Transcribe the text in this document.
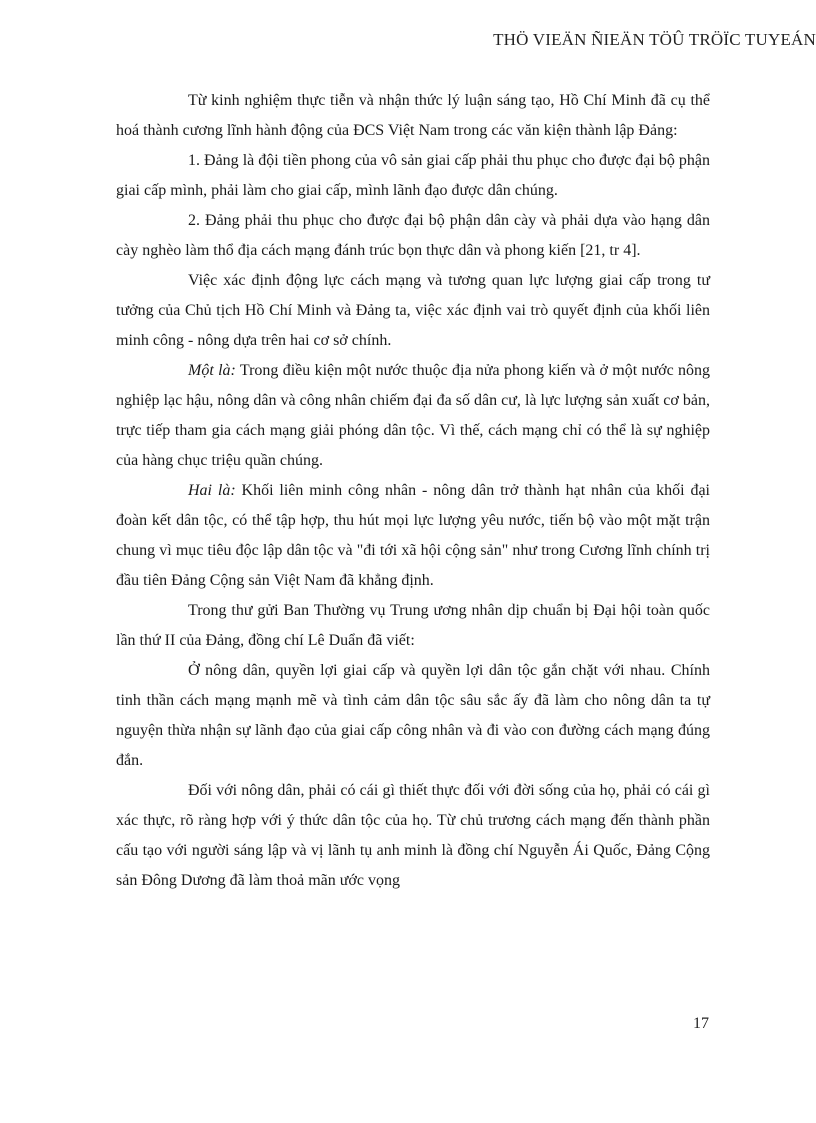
THÖ VIEÄN ÑIEÄN TÖÛ TRÖÏC TUYEÁN

Từ kinh nghiệm thực tiễn và nhận thức lý luận sáng tạo, Hồ Chí Minh đã cụ thể hoá thành cương lĩnh hành động của ĐCS Việt Nam trong các văn kiện thành lập Đảng:

1. Đảng là đội tiền phong của vô sản giai cấp phải thu phục cho được đại bộ phận giai cấp mình, phải làm cho giai cấp, mình lãnh đạo được dân chúng.

2. Đảng phải thu phục cho được đại bộ phận dân cày và phải dựa vào hạng dân cày nghèo làm thổ địa cách mạng đánh trúc bọn thực dân và phong kiến [21, tr 4].

Việc xác định động lực cách mạng và tương quan lực lượng giai cấp trong tư tưởng của Chủ tịch Hồ Chí Minh và Đảng ta, việc xác định vai trò quyết định của khối liên minh công - nông dựa trên hai cơ sở chính.

Một là: Trong điều kiện một nước thuộc địa nửa phong kiến và ở một nước nông nghiệp lạc hậu, nông dân và công nhân chiếm đại đa số dân cư, là lực lượng sản xuất cơ bản, trực tiếp tham gia cách mạng giải phóng dân tộc. Vì thế, cách mạng chỉ có thể là sự nghiệp của hàng chục triệu quần chúng.

Hai là: Khối liên minh công nhân - nông dân trở thành hạt nhân của khối đại đoàn kết dân tộc, có thể tập hợp, thu hút mọi lực lượng yêu nước, tiến bộ vào một mặt trận chung vì mục tiêu độc lập dân tộc và "đi tới xã hội cộng sản" như trong Cương lĩnh chính trị đầu tiên Đảng Cộng sản Việt Nam đã khẳng định.

Trong thư gửi Ban Thường vụ Trung ương nhân dịp chuẩn bị Đại hội toàn quốc lần thứ II của Đảng, đồng chí Lê Duẩn đã viết:

Ở nông dân, quyền lợi giai cấp và quyền lợi dân tộc gắn chặt với nhau. Chính tinh thần cách mạng mạnh mẽ và tình cảm dân tộc sâu sắc ấy đã làm cho nông dân ta tự nguyện thừa nhận sự lãnh đạo của giai cấp công nhân và đi vào con đường cách mạng đúng đắn.

Đối với nông dân, phải có cái gì thiết thực đối với đời sống của họ, phải có cái gì xác thực, rõ ràng hợp với ý thức dân tộc của họ. Từ chủ trương cách mạng đến thành phần cấu tạo với người sáng lập và vị lãnh tụ anh minh là đồng chí Nguyễn Ái Quốc, Đảng Cộng sản Đông Dương đã làm thoả mãn ước vọng

17
